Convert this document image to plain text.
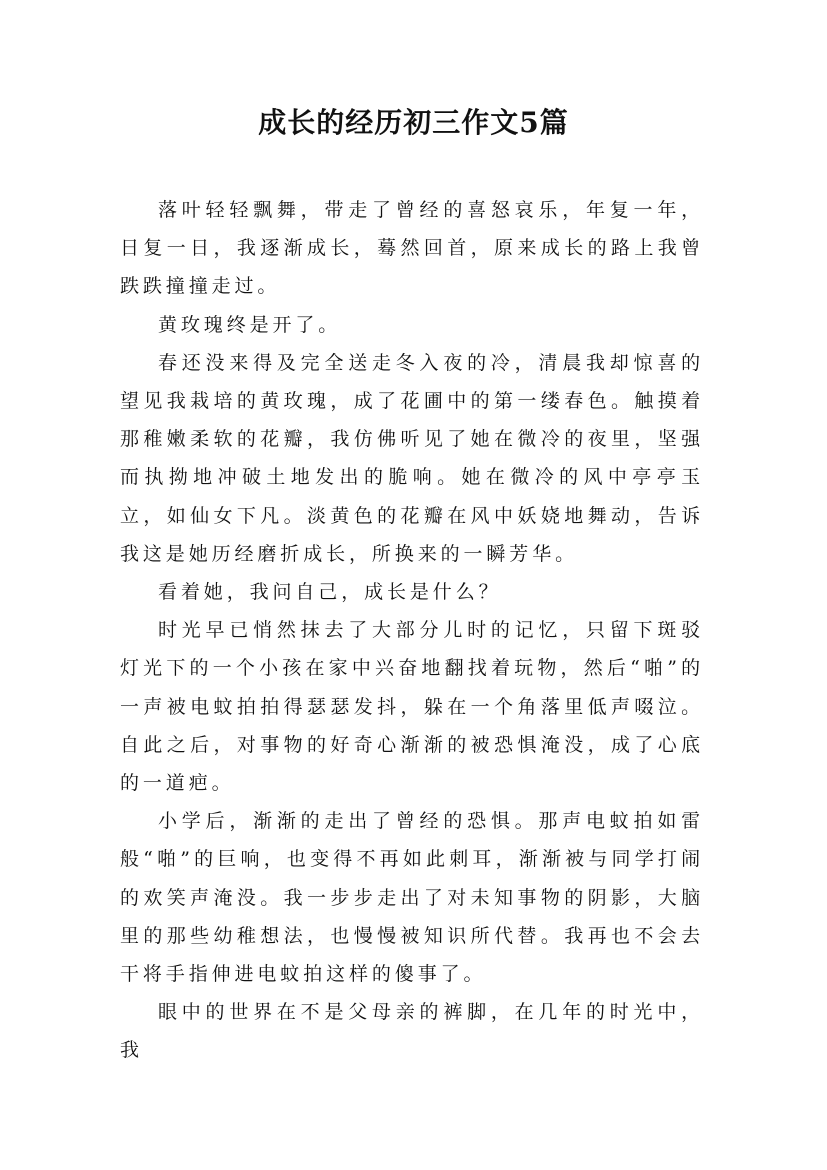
成长的经历初三作文5篇

落叶轻轻飘舞，带走了曾经的喜怒哀乐，年复一年，日复一日，我逐渐成长，蓦然回首，原来成长的路上我曾跌跌撞撞走过。

黄玫瑰终是开了。

春还没来得及完全送走冬入夜的冷，清晨我却惊喜的望见我栽培的黄玫瑰，成了花圃中的第一缕春色。触摸着那稚嫩柔软的花瓣，我仿佛听见了她在微冷的夜里，坚强而执拗地冲破土地发出的脆响。她在微冷的风中亭亭玉立，如仙女下凡。淡黄色的花瓣在风中妖娆地舞动，告诉我这是她历经磨折成长，所换来的一瞬芳华。

看着她，我问自己，成长是什么？

时光早已悄然抹去了大部分儿时的记忆，只留下斑驳灯光下的一个小孩在家中兴奋地翻找着玩物，然后“啪”的一声被电蚊拍拍得瑟瑟发抖，躲在一个角落里低声啜泣。自此之后，对事物的好奇心渐渐的被恐惧淹没，成了心底的一道疤。

小学后，渐渐的走出了曾经的恐惧。那声电蚊拍如雷般“啪”的巨响，也变得不再如此刺耳，渐渐被与同学打闹的欢笑声淹没。我一步步走出了对未知事物的阴影，大脑里的那些幼稚想法，也慢慢被知识所代替。我再也不会去干将手指伸进电蚊拍这样的傻事了。

眼中的世界在不是父母亲的裤脚，在几年的时光中，我
